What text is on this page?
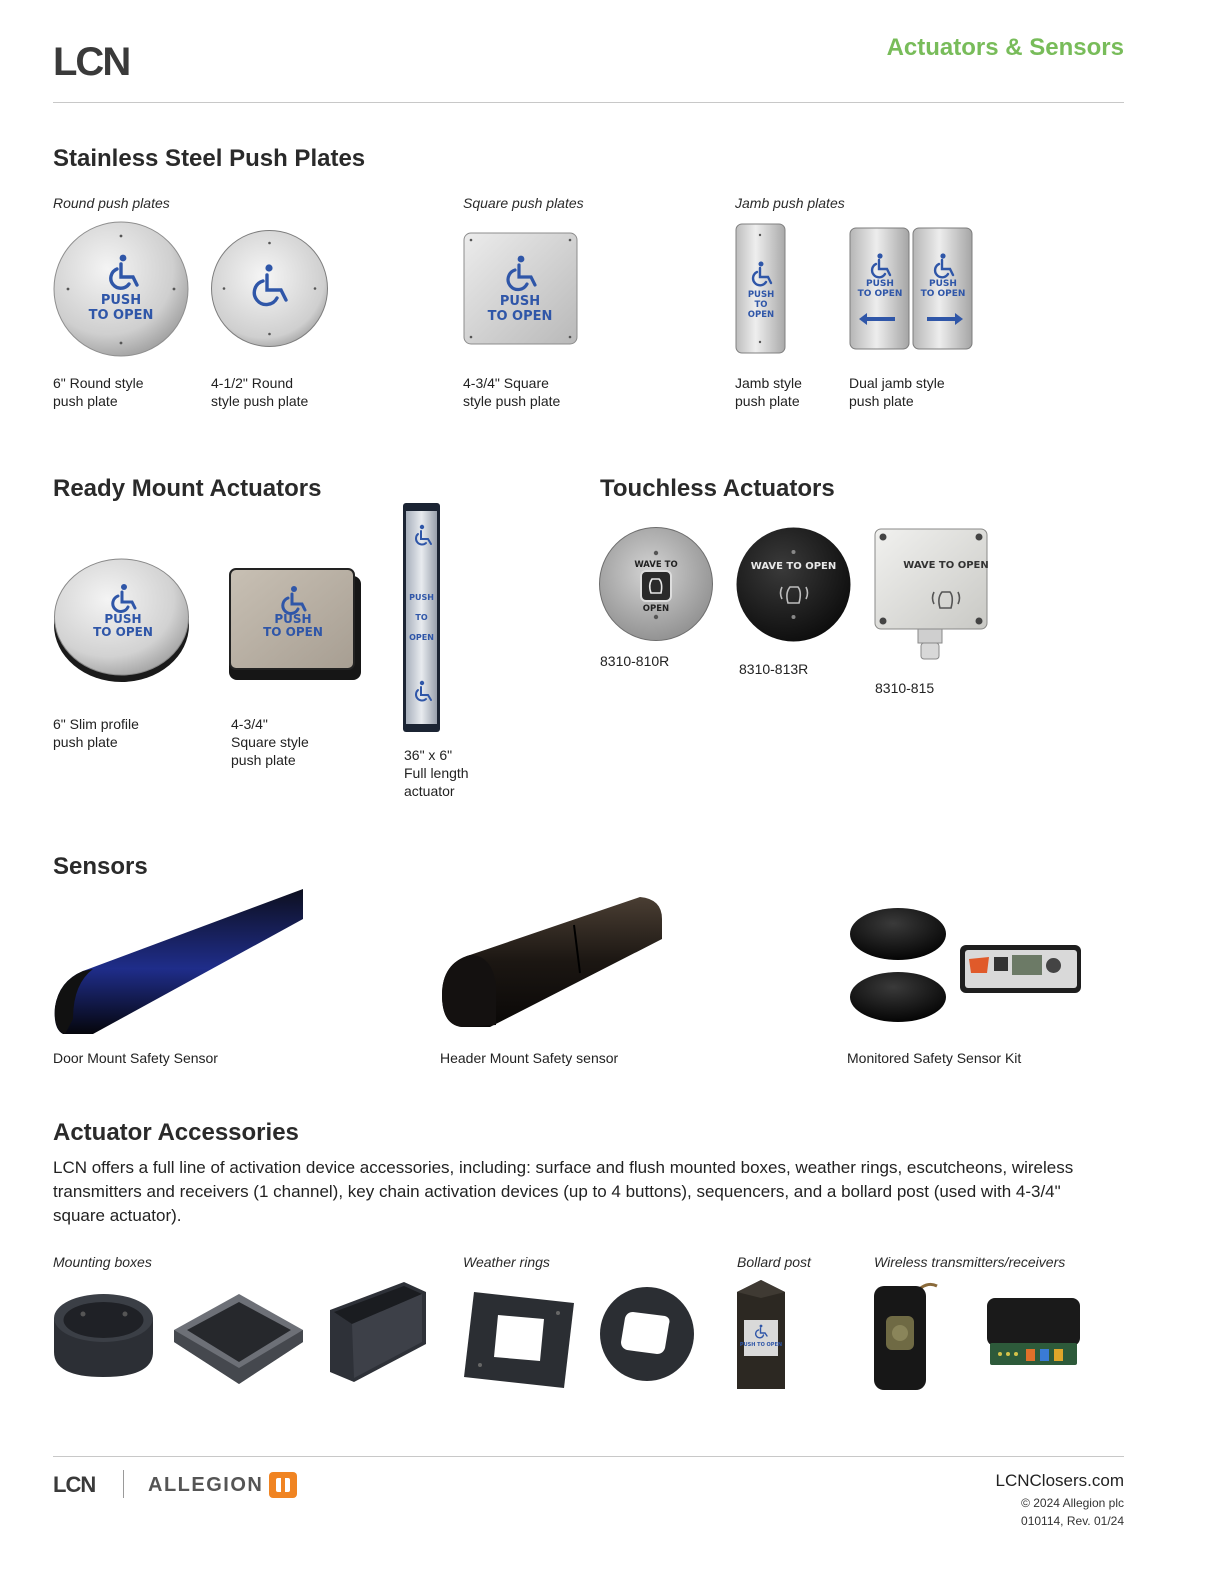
LCN	Actuators & Sensors
Stainless Steel Push Plates
Round push plates	Square push plates	Jamb push plates
PUSH
TO OPEN
PUSH
TO OPEN
PUSH
TO
OPEN
PUSH
TO OPEN
PUSH
TO OPEN
6" Round style
push plate
4-1/2" Round
style push plate
4-3/4" Square
style push plate
Jamb style
push plate
Dual jamb style
push plate
Ready Mount Actuators
PUSH
TO OPEN
PUSH
TO OPEN
PUSH
TO
OPEN
6" Slim profile
push plate
4-3/4"
Square style
push plate	36" x 6"
Full length
actuator
Touchless Actuators
WAVE TO
OPEN
WAVE TO OPEN	WAVE TO OPEN
8310-810R	8310-813R
8310-815
Sensors
Door Mount Safety Sensor	Header Mount Safety sensor	Monitored Safety Sensor Kit
Actuator Accessories
LCN offers a full line of activation device accessories, including: surface and flush mounted boxes, weather rings, escutcheons, wireless transmitters and receivers (1 channel), key chain activation devices (up to 4 buttons), sequencers, and a bollard post (used with 4-3/4" square actuator).
Mounting boxes	Weather rings	Bollard post	Wireless transmitters/receivers
PUSH TO OPEN
LCN	ALLEGION	LCNClosers.com
© 2024 Allegion plc
010114, Rev. 01/24
